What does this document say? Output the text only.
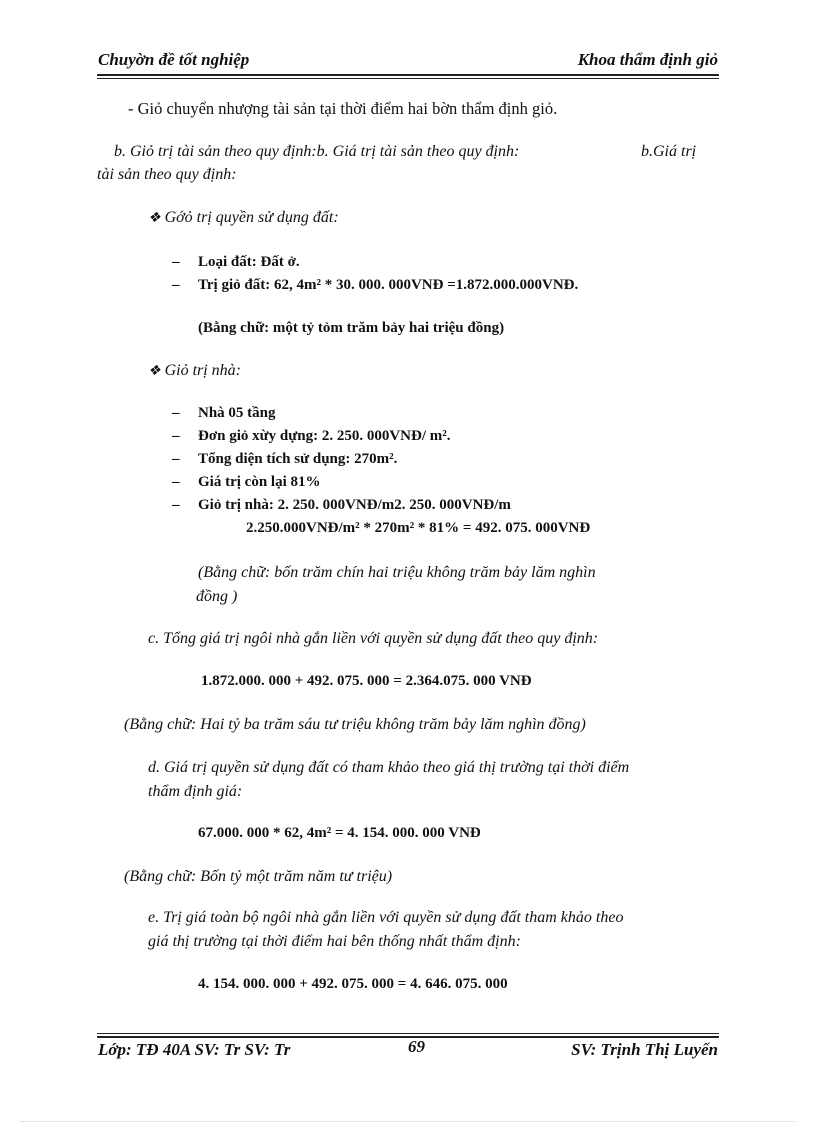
Chuyờn đề tốt nghiệp	Khoa thẩm định giỏ
- Giỏ chuyển nhượng tài sản tại thời điểm hai bờn thẩm định giỏ.
b. Giỏ trị tài sản theo quy định:b. Giá trị tài sản theo quy định:	b.Giá trị
tài sản theo quy định:
❖ Gớỏ trị quyền sử dụng đất:
– Loại đất: Đất ở.
– Trị giỏ đất: 62, 4m² * 30. 000. 000VNĐ =1.872.000.000VNĐ.
(Bằng chữ: một tỷ tỏm trăm bảy hai triệu đồng)
❖ Giỏ trị nhà:
– Nhà 05 tầng
– Đơn giỏ xừy dựng: 2. 250. 000VNĐ/ m².
– Tổng diện tích sử dụng: 270m².
– Giá trị còn lại 81%
– Giỏ trị nhà: 2. 250. 000VNĐ/m2. 250. 000VNĐ/m
2.250.000VNĐ/m² * 270m² * 81% = 492. 075. 000VNĐ
(Bằng chữ: bốn trăm chín hai triệu không trăm bảy lăm nghìn
đồng )
c. Tổng giá trị ngôi nhà gắn liền với quyền sử dụng đất theo quy định:
1.872.000. 000 + 492. 075. 000 = 2.364.075. 000 VNĐ
(Bằng chữ: Hai tỷ ba trăm sáu tư triệu không trăm bảy lăm nghìn đồng)
d. Giá trị quyền sử dụng đất có tham khảo theo giá thị trường tại thời điểm
thẩm định giá:
67.000. 000 * 62, 4m² = 4. 154. 000. 000 VNĐ
(Bằng chữ: Bốn tỷ một trăm năm tư triệu)
e. Trị giá toàn bộ ngôi nhà gắn liền với quyền sử dụng đất tham khảo theo
giá thị trường tại thời điểm hai bên thống nhất thẩm định:
4. 154. 000. 000 + 492. 075. 000 = 4. 646. 075. 000
Lớp: TĐ 40A SV: Tr SV: Tr	69	SV: Trịnh Thị Luyến
